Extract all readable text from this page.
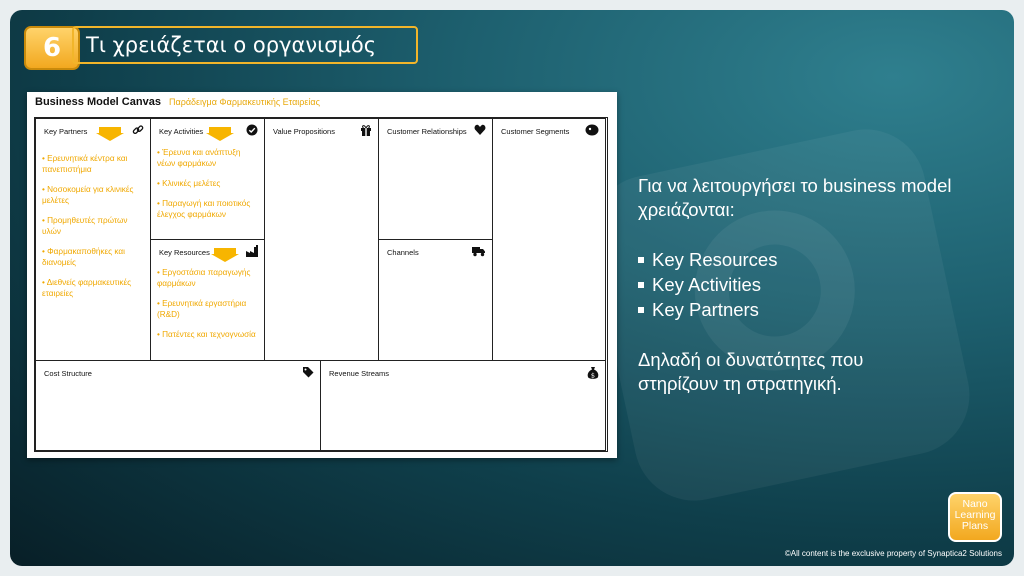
6	Τι χρειάζεται ο οργανισμός
Business Model Canvas Παράδειγμα Φαρμακευτικής Εταιρείας
Key Partners
• Ερευνητικά κέντρα και πανεπιστήμια
• Νοσοκομεία για κλινικές μελέτες
• Προμηθευτές πρώτων υλών
• Φαρμακαποθήκες και διανομείς
• Διεθνείς φαρμακευτικές εταιρείες
Key Activities
• Έρευνα και ανάπτυξη νέων φαρμάκων
• Κλινικές μελέτες
• Παραγωγή και ποιοτικός έλεγχος φαρμάκων
Key Resources
• Εργοστάσια παραγωγής φαρμάκων
• Ερευνητικά εργαστήρια (R&D)
• Πατέντες και τεχνογνωσία
Value Propositions	Customer Relationships
Channels
Customer Segments
Cost Structure	Revenue Streams	$
Για να λειτουργήσει το business model χρειάζονται:
Key Resources
Key Activities
Key Partners
Δηλαδή οι δυνατότητες που στηρίζουν τη στρατηγική.
Nano
Learning
Plans
©All content is the exclusive property of Synaptica2 Solutions
